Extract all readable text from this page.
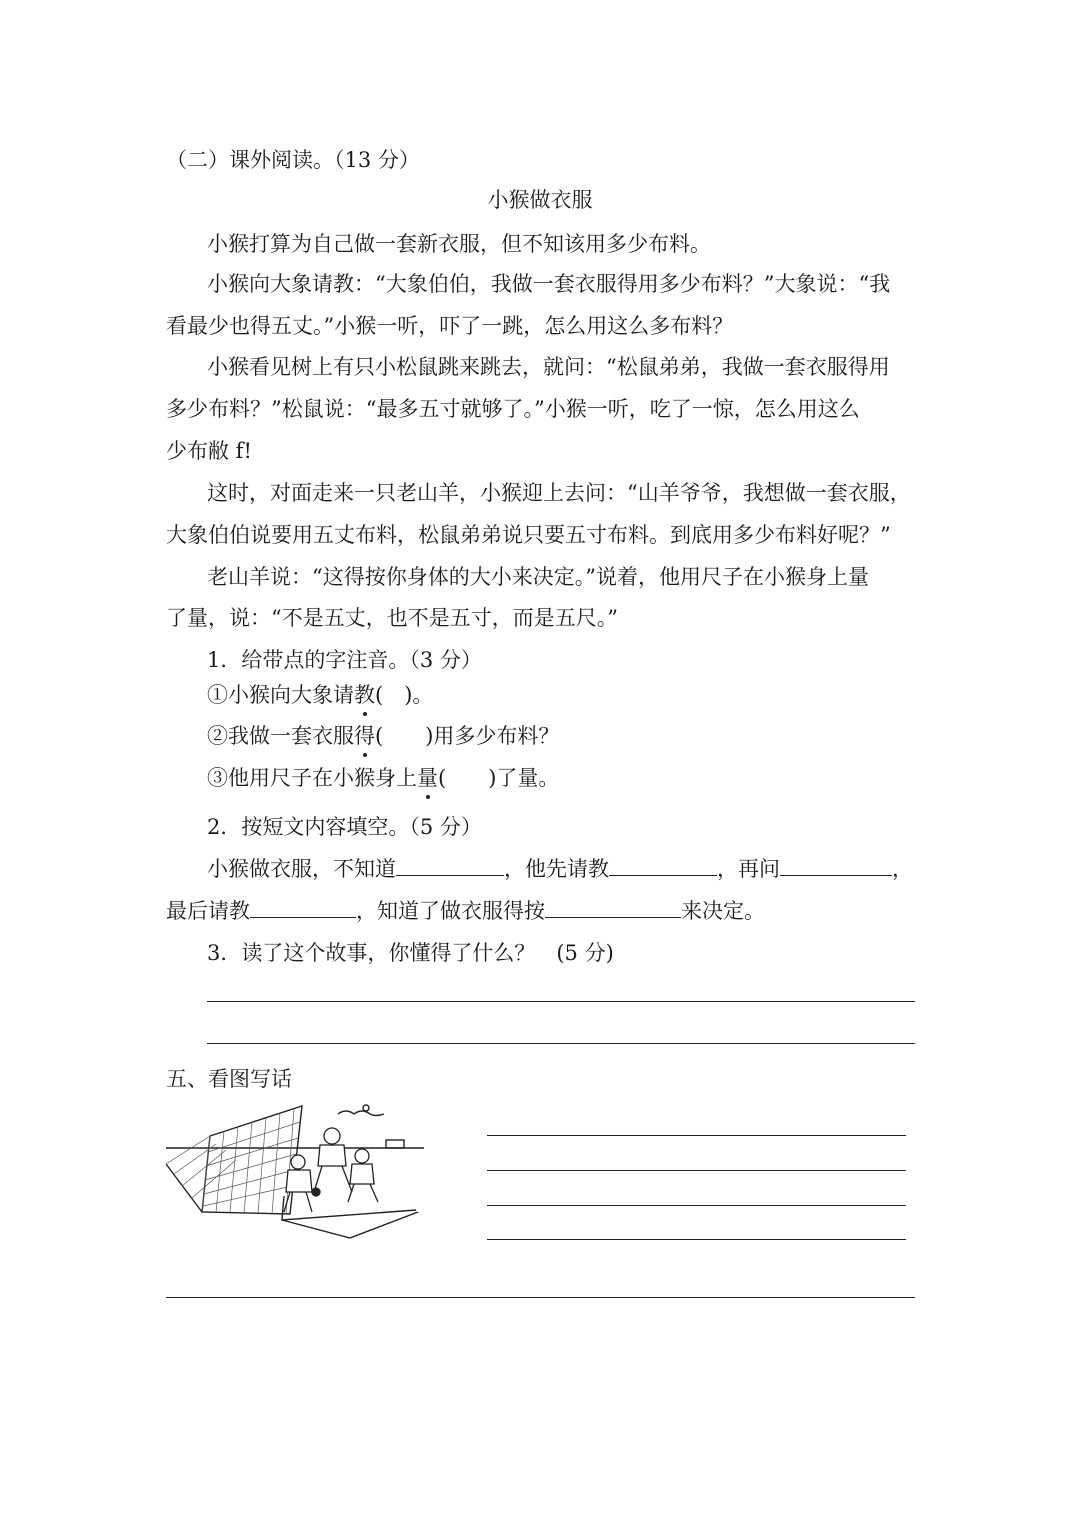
（二）课外阅读。（13 分）
小猴做衣服
小猴打算为自己做一套新衣服，但不知该用多少布料。
小猴向大象请教：“大象伯伯，我做一套衣服得用多少布料？”大象说：“我
看最少也得五丈。”小猴一听，吓了一跳，怎么用这么多布料？
小猴看见树上有只小松鼠跳来跳去，就问：“松鼠弟弟，我做一套衣服得用
多少布料？”松鼠说：“最多五寸就够了。”小猴一听，吃了一惊，怎么用这么
少布敝 f!
这时，对面走来一只老山羊，小猴迎上去问：“山羊爷爷，我想做一套衣服，
大象伯伯说要用五丈布料，松鼠弟弟说只要五寸布料。到底用多少布料好呢？”
老山羊说：“这得按你身体的大小来决定。”说着，他用尺子在小猴身上量
了量，说：“不是五丈，也不是五寸，而是五尺。”
1．给带点的字注音。（3 分）
①小猴向大象请教(　)。
②我做一套衣服得(　　)用多少布料？
③他用尺子在小猴身上量(　　)了量。
2．按短文内容填空。（5 分）
小猴做衣服，不知道	，他先请教	，再问	，
最后请教	，知道了做衣服得按	来决定。
3．读了这个故事，你懂得了什么？　(5 分)
五、看图写话
